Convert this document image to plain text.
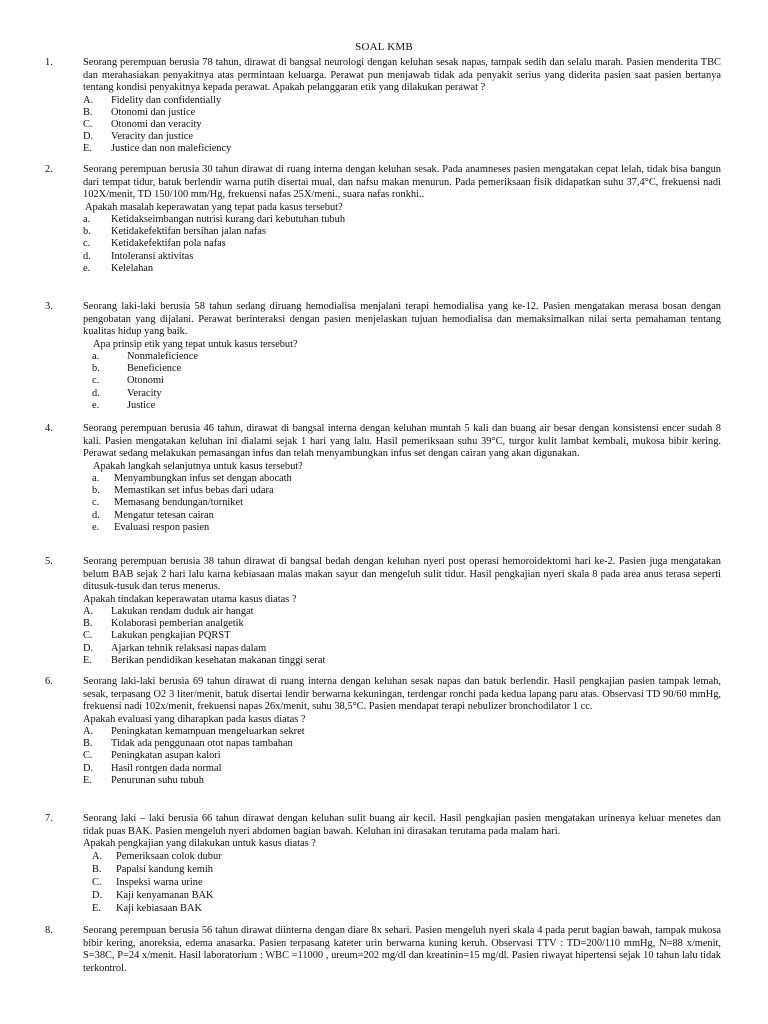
SOAL KMB
1.	Seorang perempuan berusia 78 tahun, dirawat di bangsal neurologi dengan keluhan sesak napas, tampak sedih dan selalu marah. Pasien menderita TBC dan merahasiakan penyakitnya atas permintaan keluarga. Perawat pun menjawab tidak ada penyakit serius yang diderita pasien saat pasien bertanya tentang kondisi penyakitnya kepada perawat. Apakah pelanggaran etik yang dilakukan perawat ?
A. Fidelity dan confidentially
B. Otonomi dan justice
C. Otonomi dan veracity
D. Veracity dan justice
E. Justice dan non maleficiency
2.	Seorang perempuan berusia 30 tahun dirawat di ruang interna dengan keluhan sesak. Pada anamneses pasien mengatakan cepat lelah, tidak bisa bangun dari tempat tidur, batuk berlendir warna putih disertai mual, dan nafsu makan menurun. Pada pemeriksaan fisik didapatkan suhu 37,4°C, frekuensi nadi 102X/menit, TD 150/100 mm/Hg, frekuensi nafas 25X/meni., suara nafas ronkhi..
Apakah masalah keperawatan yang tepat pada kasus tersebut?
a. Ketidakseimbangan nutrisi kurang dari kebutuhan tubuh
b. Ketidakefektifan bersihan jalan nafas
c. Ketidakefektifan pola nafas
d. Intoleransi aktivitas
e. Kelelahan
3.	Seorang laki-laki berusia 58 tahun sedang diruang hemodialisa menjalani terapi hemodialisa yang ke-12. Pasien mengatakan merasa bosan dengan pengobatan yang dijalani. Perawat berinteraksi dengan pasien menjelaskan tujuan hemodialisa dan memaksimalkan nilai serta pemahaman tentang kualitas hidup yang baik.
Apa prinsip etik yang tepat untuk kasus tersebut?
a.	Nonmaleficience
b.	Beneficience
c.	Otonomi
d.	Veracity
e.	Justice
4.	Seorang perempuan berusia 46 tahun, dirawat di bangsal interna dengan keluhan muntah 5 kali dan buang air besar dengan konsistensi encer sudah 8 kali. Pasien mengatakan keluhan ini dialami sejak 1 hari yang lalu. Hasil pemeriksaan suhu 39°C, turgor kulit lambat kembali, mukosa bibir kering. Perawat sedang melakukan pemasangan infus dan telah menyambungkan infus set dengan cairan yang akan digunakan.
Apakah langkah selanjutnya untuk kasus tersebut?
a. Menyambungkan infus set dengan abocath
b. Memastikan set infus bebas dari udara
c. Memasang bendungan/torniket
d. Mengatur tetesan cairan
e. Evaluasi respon pasien
5.	Seorang perempuan berusia 38 tahun dirawat di bangsal bedah dengan keluhan nyeri post operasi hemoroidektomi hari ke-2. Pasien juga mengatakan belum BAB sejak 2 hari lalu karna kebiasaan malas makan sayur dan mengeluh sulit tidur. Hasil pengkajian nyeri skala 8 pada area anus terasa seperti ditusuk-tusuk dan terus menerus.
Apakah tindakan keperawatan utama kasus diatas ?
A. Lakukan rendam duduk air hangat
B. Kolaborasi pemberian analgetik
C. Lakukan pengkajian PQRST
D. Ajarkan tehnik relaksasi napas dalam
E. Berikan pendidikan kesehatan makanan tinggi serat
6.	Seorang laki-laki berusia 69 tahun dirawat di ruang interna dengan keluhan sesak napas dan batuk berlendir. Hasil pengkajian pasien tampak lemah, sesak, terpasang O2 3 liter/menit, batuk disertai lendir berwarna kekuningan, terdengar ronchi pada kedua lapang paru atas. Observasi TD 90/60 mmHg, frekuensi nadi 102x/menit, frekuensi napas 26x/menit, suhu 38,5°C. Pasien mendapat terapi nebulizer bronchodilator 1 cc.
Apakah evaluasi yang diharapkan pada kasus diatas ?
A. Peningkatan kemampuan mengeluarkan sekret
B. Tidak ada penggunaan otot napas tambahan
C. Peningkatan asupan kalori
D. Hasil rontgen dada normal
E. Penurunan suhu tubuh
7.	Seorang laki – laki berusia 66 tahun dirawat dengan keluhan sulit buang air kecil. Hasil pengkajian pasien mengatakan urinenya keluar menetes dan tidak puas BAK. Pasien mengeluh nyeri abdomen bagian bawah. Keluhan ini dirasakan terutama pada malam hari.
Apakah pengkajian yang dilakukan untuk kasus diatas ?
A. Pemeriksaan colok dubur
B. Papalsi kandung kemih
C. Inspeksi warna urine
D. Kaji kenyamanan BAK
E. Kaji kebiasaan BAK
8.	Seorang perempuan berusia 56 tahun dirawat diinterna dengan diare 8x sehari. Pasien mengeluh nyeri skala 4 pada perut bagian bawah, tampak mukosa bibir kering, anoreksia, edema anasarka. Pasien terpasang kateter urin berwarna kuning keruh. Observasi TTV : TD=200/110 mmHg, N=88 x/menit, S=38C, P=24 x/menit. Hasil laboratorium : WBC =11000 , ureum=202 mg/dl dan kreatinin=15 mg/dl. Pasien riwayat hipertensi sejak 10 tahun lalu tidak terkontrol.
